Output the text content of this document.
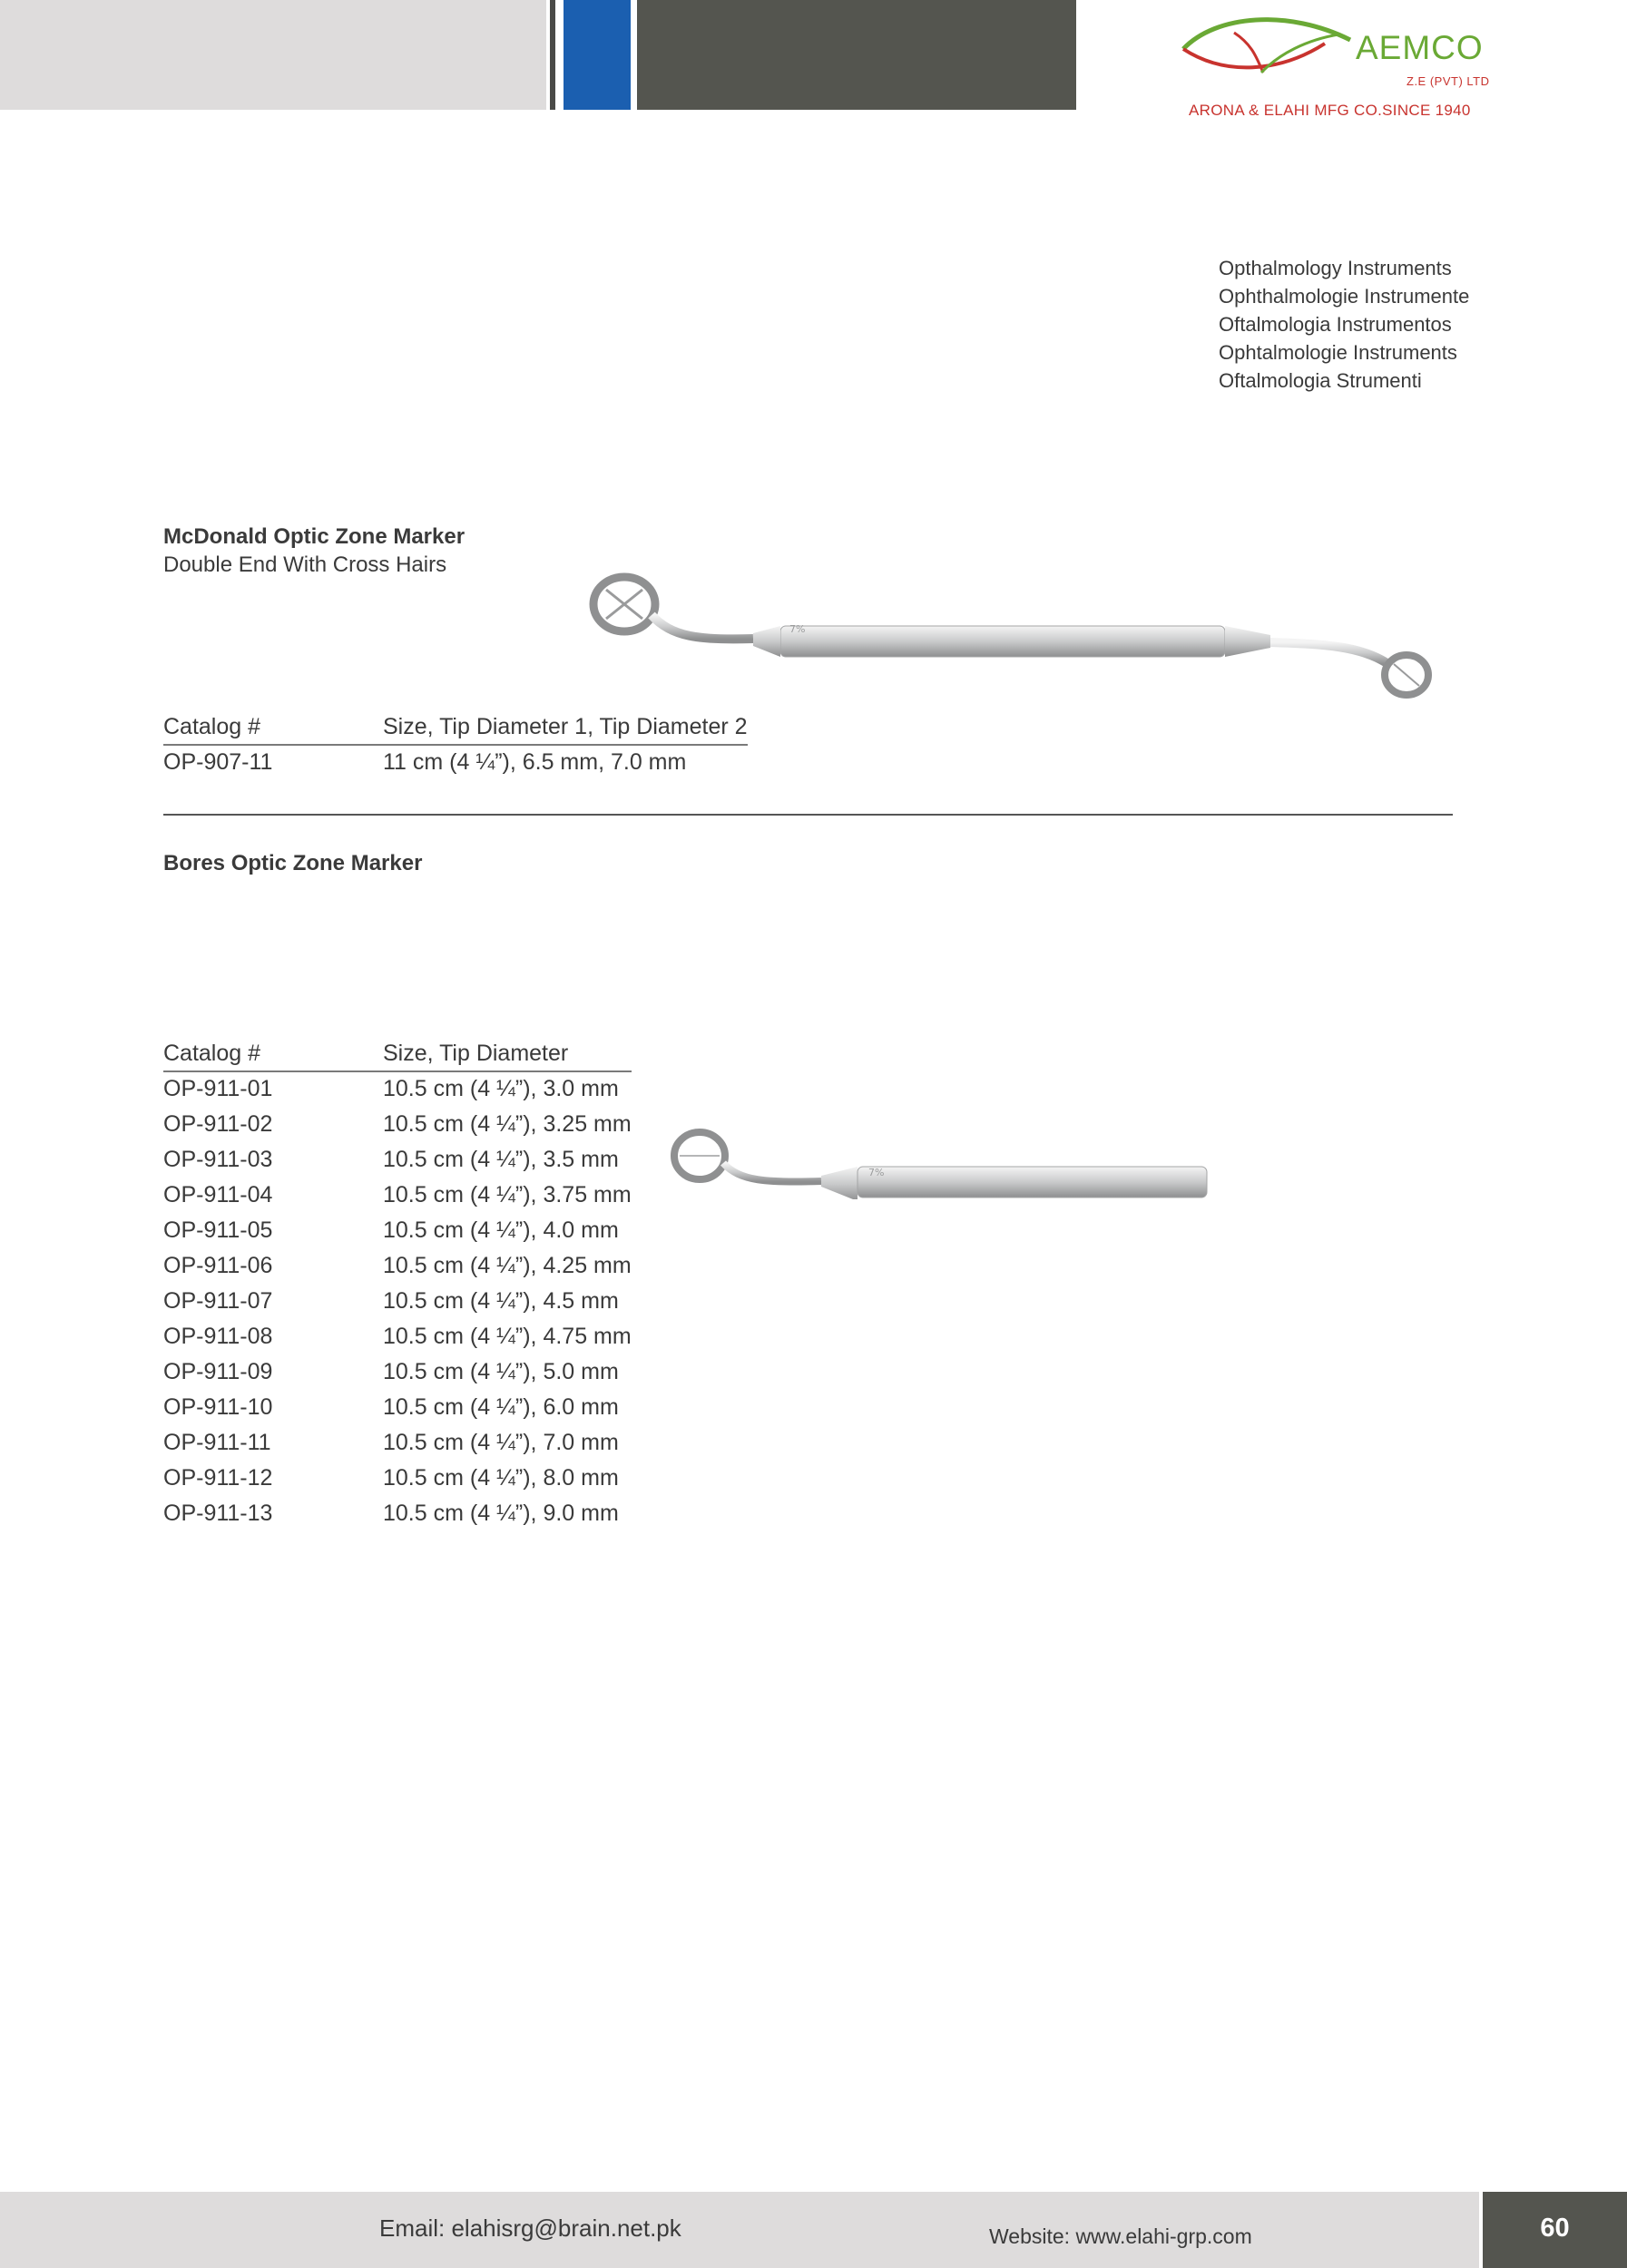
AEMCO
Z.E (PVT) LTD
ARONA & ELAHI MFG CO.SINCE 1940
Opthalmology Instruments
Ophthalmologie Instrumente
Oftalmologia Instrumentos
Ophtalmologie Instruments
Oftalmologia Strumenti
McDonald Optic Zone Marker
Double End With Cross Hairs
7%
Catalog #	Size, Tip Diameter 1, Tip Diameter 2
OP-907-11	11 cm (4 ¼”), 6.5 mm, 7.0 mm
Bores Optic Zone Marker
Catalog #	Size, Tip Diameter
OP-911-01	10.5 cm (4 ¼”), 3.0 mm
OP-911-02	10.5 cm (4 ¼”), 3.25 mm
OP-911-03	10.5 cm (4 ¼”), 3.5 mm
OP-911-04	10.5 cm (4 ¼”), 3.75 mm
OP-911-05	10.5 cm (4 ¼”), 4.0 mm
OP-911-06	10.5 cm (4 ¼”), 4.25 mm
OP-911-07	10.5 cm (4 ¼”), 4.5 mm
OP-911-08	10.5 cm (4 ¼”), 4.75 mm
OP-911-09	10.5 cm (4 ¼”), 5.0 mm
OP-911-10	10.5 cm (4 ¼”), 6.0 mm
OP-911-11	10.5 cm (4 ¼”), 7.0 mm
OP-911-12	10.5 cm (4 ¼”), 8.0 mm
OP-911-13	10.5 cm (4 ¼”), 9.0 mm
7%
Email: elahisrg@brain.net.pk	Website: www.elahi-grp.com	60
